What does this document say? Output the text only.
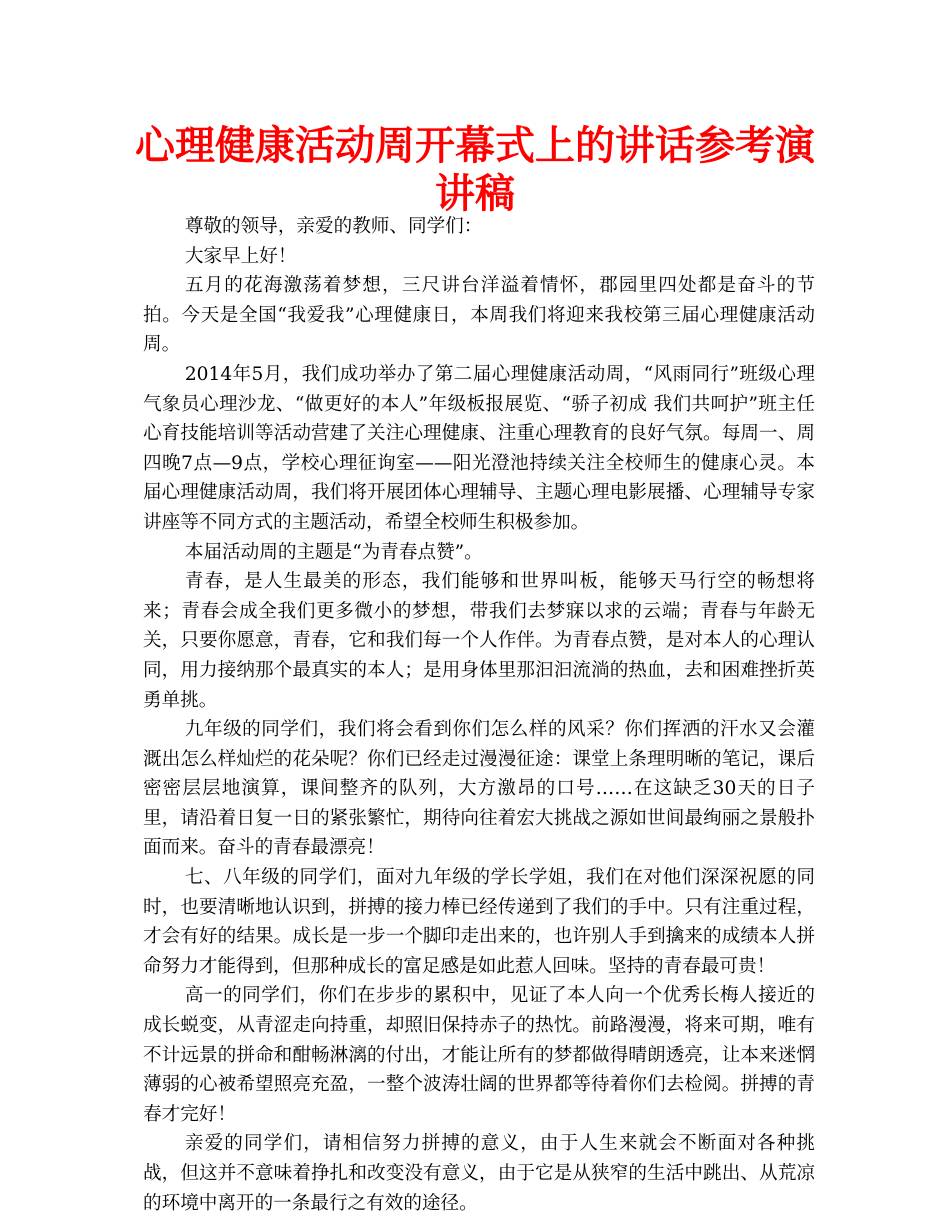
心理健康活动周开幕式上的讲话参考演讲稿

尊敬的领导，亲爱的教师、同学们：

大家早上好！

五月的花海激荡着梦想，三尺讲台洋溢着情怀，郡园里四处都是奋斗的节拍。今天是全国“我爱我”心理健康日，本周我们将迎来我校第三届心理健康活动周。

2014年5月，我们成功举办了第二届心理健康活动周，“风雨同行”班级心理气象员心理沙龙、“做更好的本人”年级板报展览、“骄子初成 我们共呵护”班主任心育技能培训等活动营建了关注心理健康、注重心理教育的良好气氛。每周一、周四晚7点—9点，学校心理征询室——阳光澄池持续关注全校师生的健康心灵。本届心理健康活动周，我们将开展团体心理辅导、主题心理电影展播、心理辅导专家讲座等不同方式的主题活动，希望全校师生积极参加。

本届活动周的主题是“为青春点赞”。

青春，是人生最美的形态，我们能够和世界叫板，能够天马行空的畅想将来；青春会成全我们更多微小的梦想，带我们去梦寐以求的云端；青春与年龄无关，只要你愿意，青春，它和我们每一个人作伴。为青春点赞，是对本人的心理认同，用力接纳那个最真实的本人；是用身体里那汩汩流淌的热血，去和困难挫折英勇单挑。

九年级的同学们，我们将会看到你们怎么样的风采？你们挥洒的汗水又会灌溉出怎么样灿烂的花朵呢？你们已经走过漫漫征途：课堂上条理明晰的笔记，课后密密层层地演算，课间整齐的队列，大方激昂的口号……在这缺乏30天的日子里，请沿着日复一日的紧张繁忙，期待向往着宏大挑战之源如世间最绚丽之景般扑面而来。奋斗的青春最漂亮！

七、八年级的同学们，面对九年级的学长学姐，我们在对他们深深祝愿的同时，也要清晰地认识到，拼搏的接力棒已经传递到了我们的手中。只有注重过程，才会有好的结果。成长是一步一个脚印走出来的，也许别人手到擒来的成绩本人拼命努力才能得到，但那种成长的富足感是如此惹人回味。坚持的青春最可贵！

高一的同学们，你们在步步的累积中，见证了本人向一个优秀长梅人接近的成长蜕变，从青涩走向持重，却照旧保持赤子的热忱。前路漫漫，将来可期，唯有不计远景的拼命和酣畅淋漓的付出，才能让所有的梦都做得晴朗透亮，让本来迷惘薄弱的心被希望照亮充盈，一整个波涛壮阔的世界都等待着你们去检阅。拼搏的青春才完好！

亲爱的同学们，请相信努力拼搏的意义，由于人生来就会不断面对各种挑战，但这并不意味着挣扎和改变没有意义，由于它是从狭窄的生活中跳出、从荒凉的环境中离开的一条最行之有效的途径。
